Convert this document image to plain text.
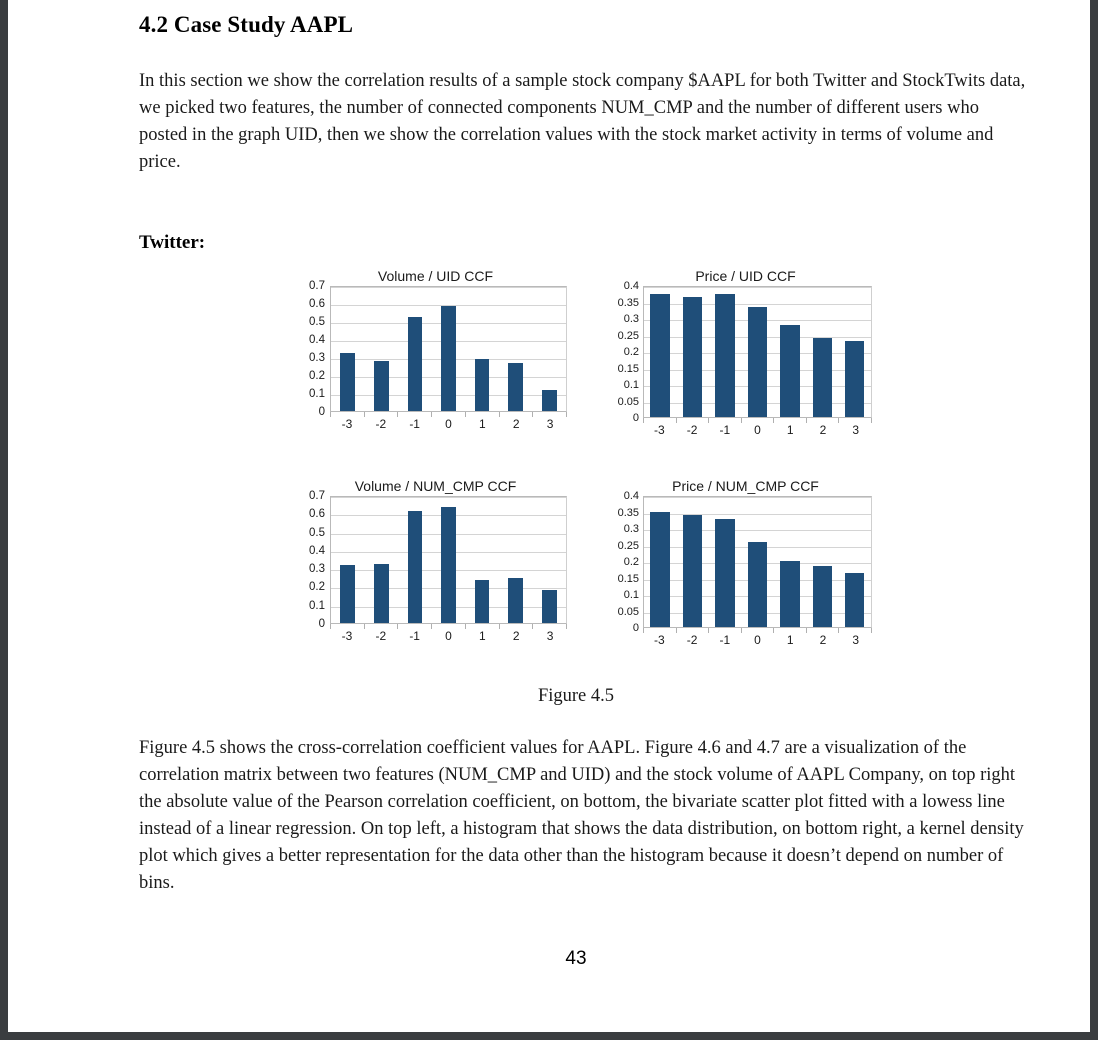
4.2 Case Study AAPL

In this section we show the correlation results of a sample stock company $AAPL for both Twitter and StockTwits data, we picked two features, the number of connected components NUM_CMP and the number of different users who posted in the graph UID, then we show the correlation values with the stock market activity in terms of volume and price.

Twitter:
Volume / UID CCF
0
0.1
0.2
0.3
0.4
0.5
0.6
0.7
-3	-2	-1	0	1	2	3
Price / UID CCF
0
0.05
0.1
0.15
0.2
0.25
0.3
0.35
0.4
-3	-2	-1	0	1	2	3
Volume / NUM_CMP CCF
0
0.1
0.2
0.3
0.4
0.5
0.6
0.7
-3	-2	-1	0	1	2	3
Price / NUM_CMP CCF
0
0.05
0.1
0.15
0.2
0.25
0.3
0.35
0.4
-3	-2	-1	0	1	2	3
Figure 4.5

Figure 4.5 shows the cross-correlation coefficient values for AAPL. Figure 4.6 and 4.7 are a visualization of the correlation matrix between two features (NUM_CMP and UID) and the stock volume of AAPL Company, on top right the absolute value of the Pearson correlation coefficient, on bottom, the bivariate scatter plot fitted with a lowess line instead of a linear regression. On top left, a histogram that shows the data distribution, on bottom right, a kernel density plot which gives a better representation for the data other than the histogram because it doesn’t depend on number of bins.

43
